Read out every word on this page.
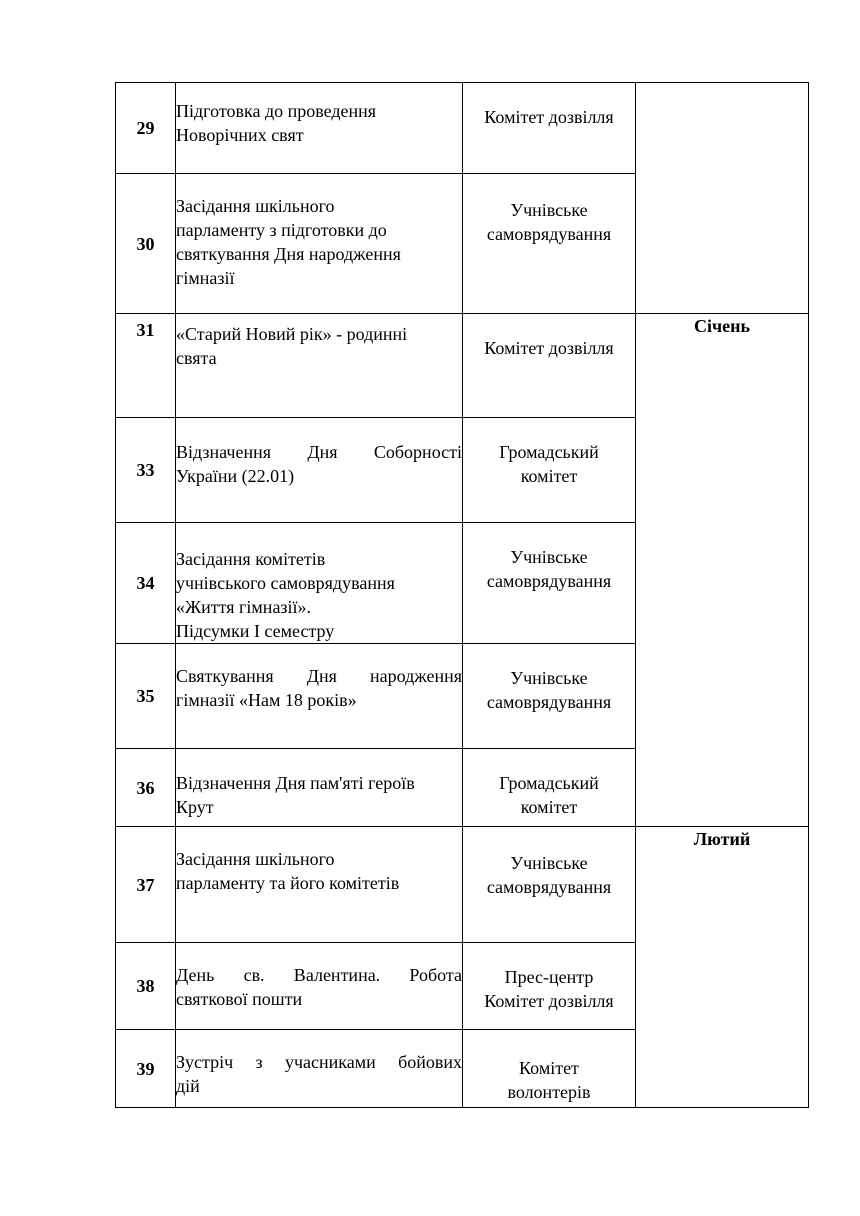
29	Підготовка до проведення
Новорічних свят	Комітет дозвілля	

30	Засідання шкільного
парламенту з підготовки до
святкування Дня народження
гімназії	Учнівське
самоврядування	

31	«Старий Новий рік» - родинні
свята	Комітет дозвілля	Січень
33	Відзначення Дня Соборності
України (22.01)	Громадський
комітет	

34	Засідання комітетів
учнівського самоврядування
«Життя гімназії».
Підсумки І семестру	Учнівське
самоврядування	

35	Святкування Дня народження
гімназії «Нам 18 років»	Учнівське
самоврядування	

36	Відзначення Дня пам'яті героїв
Крут	Громадський
комітет	

37	Засідання шкільного
парламенту та його комітетів	Учнівське
самоврядування	Лютий
38	День св. Валентина. Робота
святкової пошти	Прес-центр
Комітет дозвілля	

39	Зустріч з учасниками бойових
дій	Комітет
волонтерів	
